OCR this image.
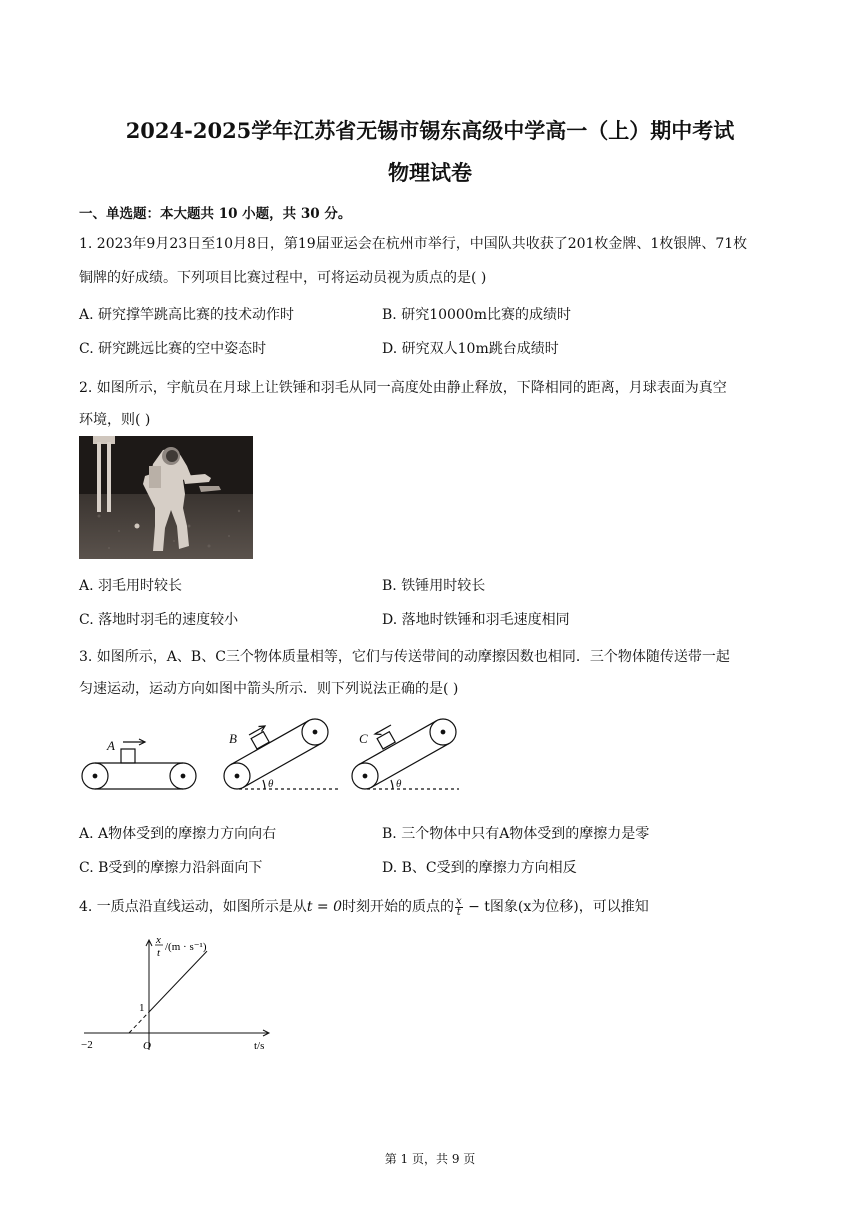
2024-2025学年江苏省无锡市锡东高级中学高一（上）期中考试
物理试卷
一、单选题：本大题共 10 小题，共 30 分。
1. 2023年9月23日至10月8日，第19届亚运会在杭州市举行，中国队共收获了201枚金牌、1枚银牌、71枚
铜牌的好成绩。下列项目比赛过程中，可将运动员视为质点的是( )
A. 研究撑竿跳高比赛的技术动作时	B. 研究10000m比赛的成绩时
C. 研究跳远比赛的空中姿态时	D. 研究双人10m跳台成绩时
2. 如图所示，宇航员在月球上让铁锤和羽毛从同一高度处由静止释放，下降相同的距离，月球表面为真空
环境，则( )
A. 羽毛用时较长	B. 铁锤用时较长
C. 落地时羽毛的速度较小	D. 落地时铁锤和羽毛速度相同
3. 如图所示，A、B、C三个物体质量相等，它们与传送带间的动摩擦因数也相同．三个物体随传送带一起
匀速运动，运动方向如图中箭头所示．则下列说法正确的是( )
A	B
θ
C
θ
A. A物体受到的摩擦力方向向右	B. 三个物体中只有A物体受到的摩擦力是零
C. B受到的摩擦力沿斜面向下	D. B、C受到的摩擦力方向相反
4. 一质点沿直线运动，如图所示是从t = 0时刻开始的质点的 $\frac{x}{t} - t$图象(x为位移)，可以推知
x
t /(m · s⁻¹)
1
−2	O	t/s
第 1 页，共 9 页
